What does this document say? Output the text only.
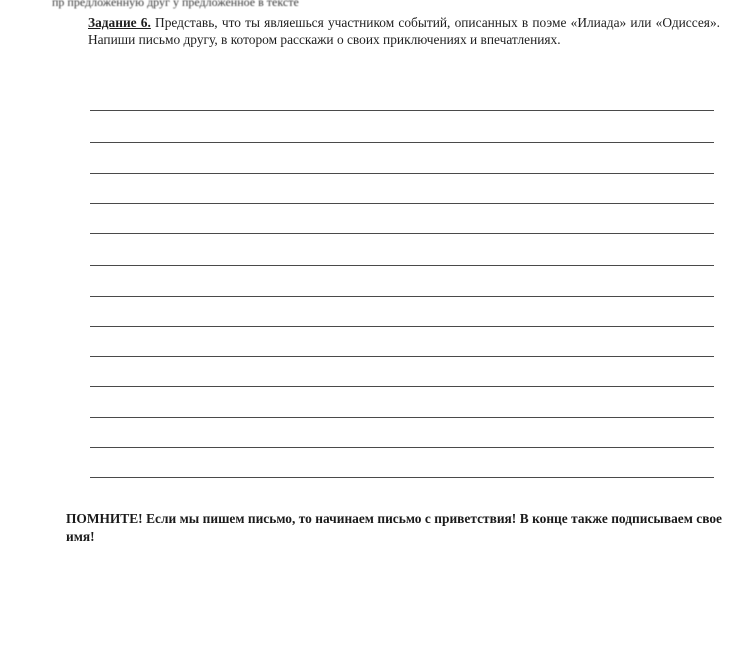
пр предложенную друг у предложенное в тексте
Задание 6. Представь, что ты являешься участником событий, описанных в поэме «Илиада» или «Одиссея». Напиши письмо другу, в котором расскажи о своих приключениях и впечатлениях.
ПОМНИТЕ! Если мы пишем письмо, то начинаем письмо с приветствия! В конце также подписываем свое имя!
